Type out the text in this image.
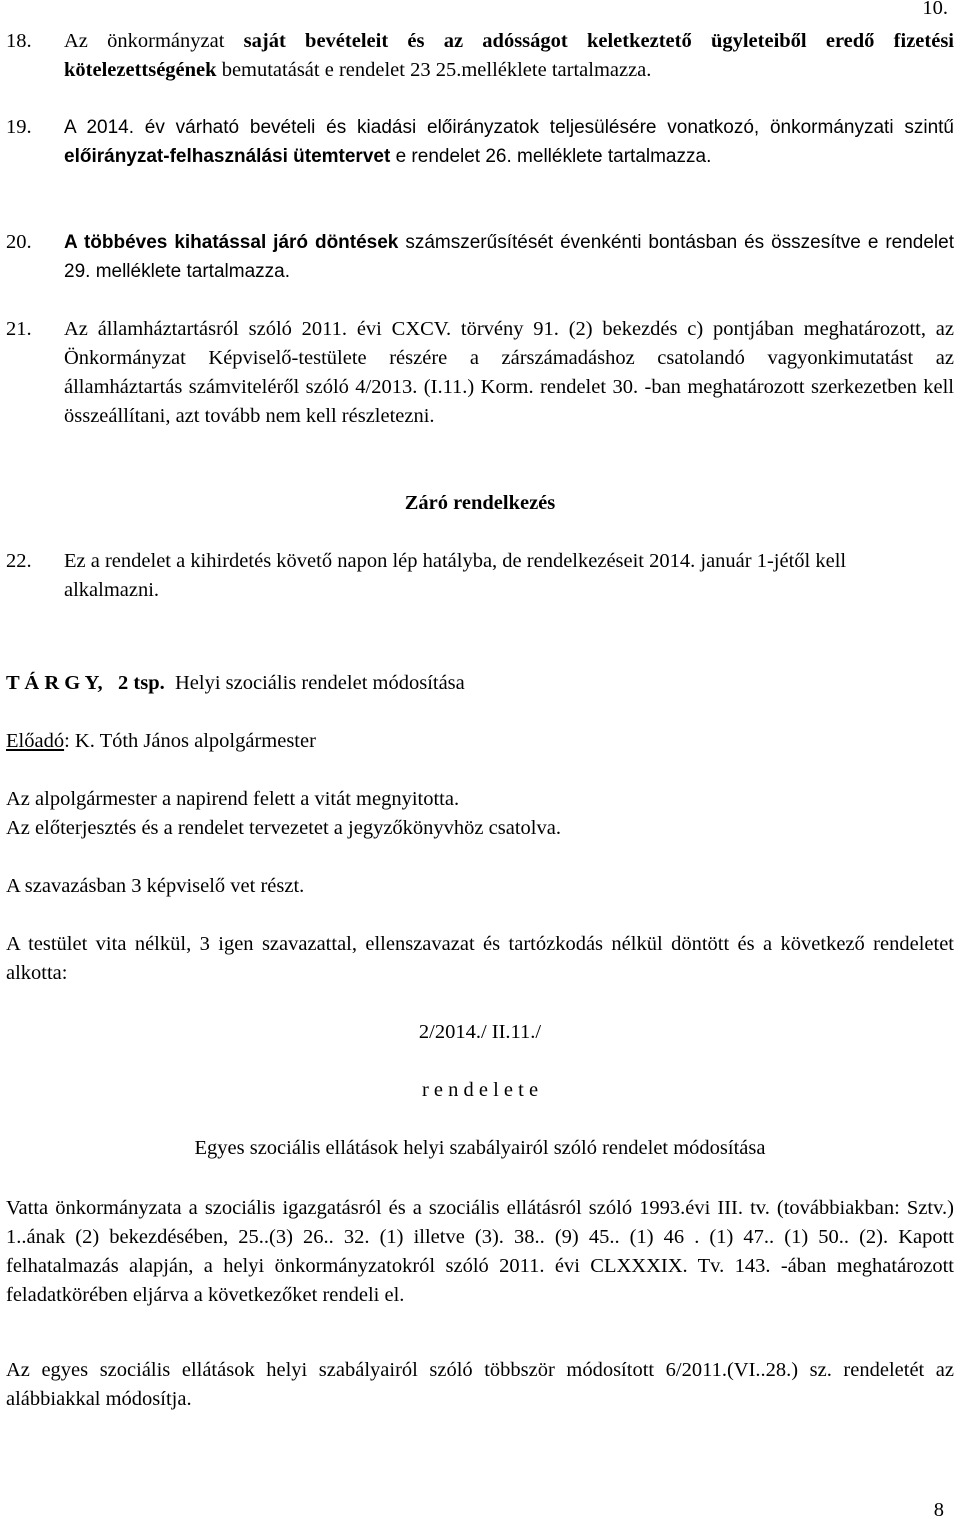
10.
18.	Az önkormányzat saját bevételeit és az adósságot keletkeztető ügyleteiből eredő fizetési kötelezettségének bemutatását e rendelet 23 25.melléklete tartalmazza.
19.	A 2014. év várható bevételi és kiadási előirányzatok teljesülésére vonatkozó, önkormányzati szintű előirányzat-felhasználási ütemtervet e rendelet 26. melléklete tartalmazza.
20.	A többéves kihatással járó döntések számszerűsítését évenkénti bontásban és összesítve e rendelet 29. melléklete tartalmazza.
21.	Az államháztartásról szóló 2011. évi CXCV. törvény 91. (2) bekezdés c) pontjában meghatározott, az Önkormányzat Képviselő-testülete részére a zárszámadáshoz csatolandó vagyonkimutatást az államháztartás számviteléről szóló 4/2013. (I.11.) Korm. rendelet 30. -ban meghatározott szerkezetben kell összeállítani, azt tovább nem kell részletezni.
Záró rendelkezés
22.	Ez a rendelet a kihirdetés követő napon lép hatályba, de rendelkezéseit 2014. január 1-jétől kell alkalmazni.
T Á R G Y, 2 tsp. Helyi szociális rendelet módosítása
Előadó: K. Tóth János alpolgármester
Az alpolgármester a napirend felett a vitát megnyitotta.
Az előterjesztés és a rendelet tervezetet a jegyzőkönyvhöz csatolva.
A szavazásban 3 képviselő vet részt.
A testület vita nélkül, 3 igen szavazattal, ellenszavazat és tartózkodás nélkül döntött és a következő rendeletet alkotta:
2/2014./ II.11./
r e n d e l e t e
Egyes szociális ellátások helyi szabályairól szóló rendelet módosítása
Vatta önkormányzata a szociális igazgatásról és a szociális ellátásról szóló 1993.évi III. tv. (továbbiakban: Sztv.) 1..ának (2) bekezdésében, 25..(3) 26.. 32. (1) illetve (3). 38.. (9) 45.. (1) 46 . (1) 47.. (1) 50.. (2). Kapott felhatalmazás alapján, a helyi önkormányzatokról szóló 2011. évi CLXXXIX. Tv. 143. -ában meghatározott feladatkörében eljárva a következőket rendeli el.
Az egyes szociális ellátások helyi szabályairól szóló többször módosított 6/2011.(VI..28.) sz. rendeletét az alábbiakkal módosítja.
8
